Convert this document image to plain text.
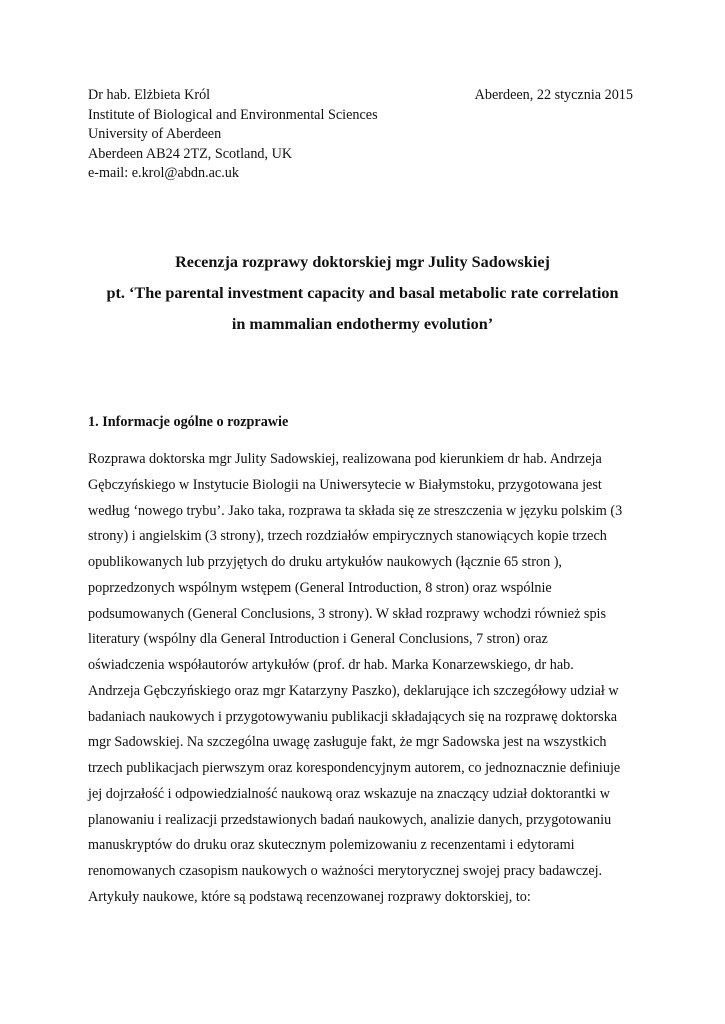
Dr hab. Elżbieta Król
Institute of Biological and Environmental Sciences
University of Aberdeen
Aberdeen AB24 2TZ, Scotland, UK
e-mail: e.krol@abdn.ac.uk
Aberdeen, 22 stycznia 2015
Recenzja rozprawy doktorskiej mgr Julity Sadowskiej
pt. ‘The parental investment capacity and basal metabolic rate correlation
in mammalian endothermy evolution’
1. Informacje ogólne o rozprawie
Rozprawa doktorska mgr Julity Sadowskiej, realizowana pod kierunkiem dr hab. Andrzeja
Gębczyńskiego w Instytucie Biologii na Uniwersytecie w Białymstoku, przygotowana jest
według ‘nowego trybu’. Jako taka, rozprawa ta składa się ze streszczenia w języku polskim (3
strony) i angielskim (3 strony), trzech rozdziałów empirycznych stanowiących kopie trzech
opublikowanych lub przyjętych do druku artykułów naukowych (łącznie 65 stron ),
poprzedzonych wspólnym wstępem (General Introduction, 8 stron) oraz wspólnie
podsumowanych (General Conclusions, 3 strony). W skład rozprawy wchodzi również spis
literatury (wspólny dla General Introduction i General Conclusions, 7 stron) oraz
oświadczenia współautorów artykułów (prof. dr hab. Marka Konarzewskiego, dr hab.
Andrzeja Gębczyńskiego oraz mgr Katarzyny Paszko), deklarujące ich szczegółowy udział w
badaniach naukowych i przygotowywaniu publikacji składających się na rozprawę doktorska
mgr Sadowskiej. Na szczególna uwagę zasługuje fakt, że mgr Sadowska jest na wszystkich
trzech publikacjach pierwszym oraz korespondencyjnym autorem, co jednoznacznie definiuje
jej dojrzałość i odpowiedzialność naukową oraz wskazuje na znaczący udział doktorantki w
planowaniu i realizacji przedstawionych badań naukowych, analizie danych, przygotowaniu
manuskryptów do druku oraz skutecznym polemizowaniu z recenzentami i edytorami
renomowanych czasopism naukowych o ważności merytorycznej swojej pracy badawczej.
Artykuły naukowe, które są podstawą recenzowanej rozprawy doktorskiej, to:
